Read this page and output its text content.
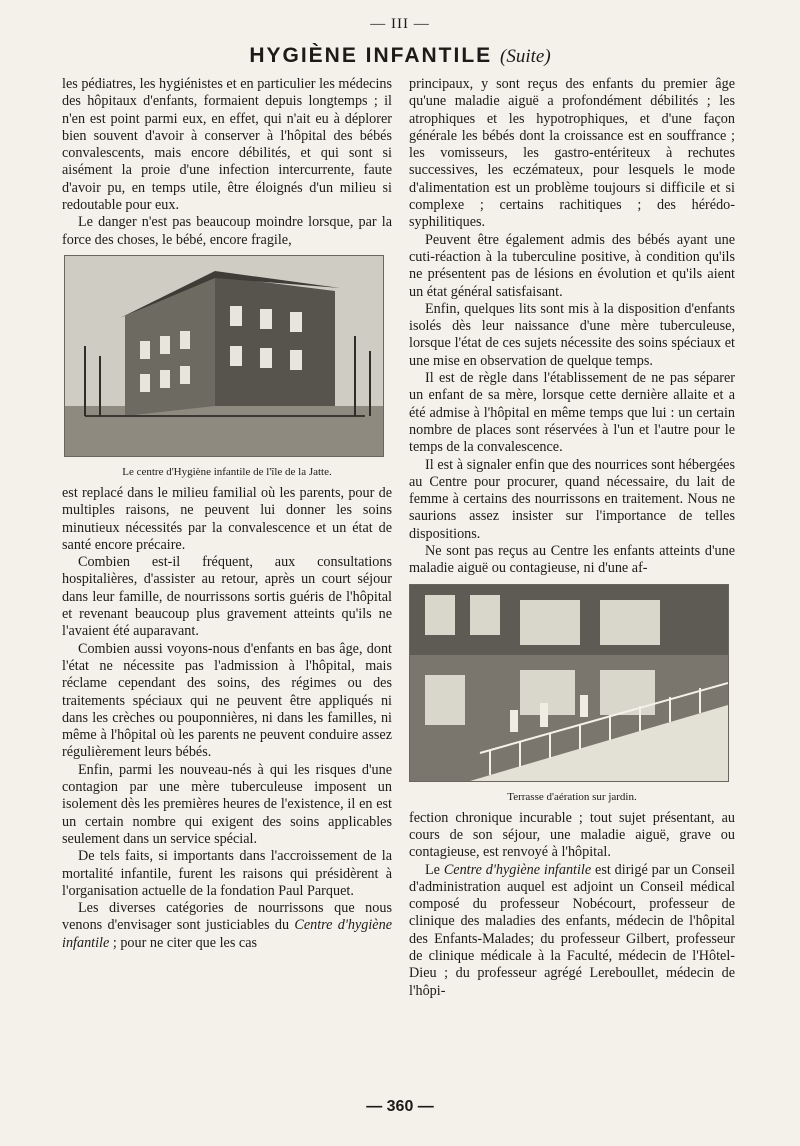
— III —
HYGIÈNE INFANTILE (Suite)

les pédiatres, les hygiénistes et en particulier les médecins des hôpitaux d'enfants, formaient depuis longtemps ; il n'en est point parmi eux, en effet, qui n'ait eu à déplorer bien souvent d'avoir à conserver à l'hôpital des bébés convalescents, mais encore débilités, et qui sont si aisément la proie d'une infection intercurrente, faute d'avoir pu, en temps utile, être éloignés d'un milieu si redoutable pour eux.

Le danger n'est pas beaucoup moindre lorsque, par la force des choses, le bébé, encore fragile,

Le centre d'Hygiène infantile de l'île de la Jatte.

est replacé dans le milieu familial où les parents, pour de multiples raisons, ne peuvent lui donner les soins minutieux nécessités par la convalescence et un état de santé encore précaire.

Combien est-il fréquent, aux consultations hospitalières, d'assister au retour, après un court séjour dans leur famille, de nourrissons sortis guéris de l'hôpital et revenant beaucoup plus gravement atteints qu'ils ne l'avaient été auparavant.

Combien aussi voyons-nous d'enfants en bas âge, dont l'état ne nécessite pas l'admission à l'hôpital, mais réclame cependant des soins, des régimes ou des traitements spéciaux qui ne peuvent être appliqués ni dans les crèches ou pouponnières, ni dans les familles, ni même à l'hôpital où les parents ne peuvent conduire assez régulièrement leurs bébés.

Enfin, parmi les nouveau-nés à qui les risques d'une contagion par une mère tuberculeuse imposent un isolement dès les premières heures de l'existence, il en est un certain nombre qui exigent des soins applicables seulement dans un service spécial.

De tels faits, si importants dans l'accroissement de la mortalité infantile, furent les raisons qui présidèrent à l'organisation actuelle de la fondation Paul Parquet.

Les diverses catégories de nourrissons que nous venons d'envisager sont justiciables du Centre d'hygiène infantile ; pour ne citer que les cas

principaux, y sont reçus des enfants du premier âge qu'une maladie aiguë a profondément débilités ; les atrophiques et les hypotrophiques, et d'une façon générale les bébés dont la croissance est en souffrance ; les vomisseurs, les gastro-entériteux à rechutes successives, les eczémateux, pour lesquels le mode d'alimentation est un problème toujours si difficile et si complexe ; certains rachitiques ; des hérédo-syphilitiques.

Peuvent être également admis des bébés ayant une cuti-réaction à la tuberculine positive, à condition qu'ils ne présentent pas de lésions en évolution et qu'ils aient un état général satisfaisant.

Enfin, quelques lits sont mis à la disposition d'enfants isolés dès leur naissance d'une mère tuberculeuse, lorsque l'état de ces sujets nécessite des soins spéciaux et une mise en observation de quelque temps.

Il est de règle dans l'établissement de ne pas séparer un enfant de sa mère, lorsque cette dernière allaite et a été admise à l'hôpital en même temps que lui : un certain nombre de places sont réservées à l'un et l'autre pour le temps de la convalescence.

Il est à signaler enfin que des nourrices sont hébergées au Centre pour procurer, quand nécessaire, du lait de femme à certains des nourrissons en traitement. Nous ne saurions assez insister sur l'importance de telles dispositions.

Ne sont pas reçus au Centre les enfants atteints d'une maladie aiguë ou contagieuse, ni d'une af-

Terrasse d'aération sur jardin.

fection chronique incurable ; tout sujet présentant, au cours de son séjour, une maladie aiguë, grave ou contagieuse, est renvoyé à l'hôpital.

Le Centre d'hygiène infantile est dirigé par un Conseil d'administration auquel est adjoint un Conseil médical composé du professeur Nobécourt, professeur de clinique des maladies des enfants, médecin de l'hôpital des Enfants-Malades; du professeur Gilbert, professeur de clinique médicale à la Faculté, médecin de l'Hôtel-Dieu ; du professeur agrégé Lereboullet, médecin de l'hôpi-

— 360 —
